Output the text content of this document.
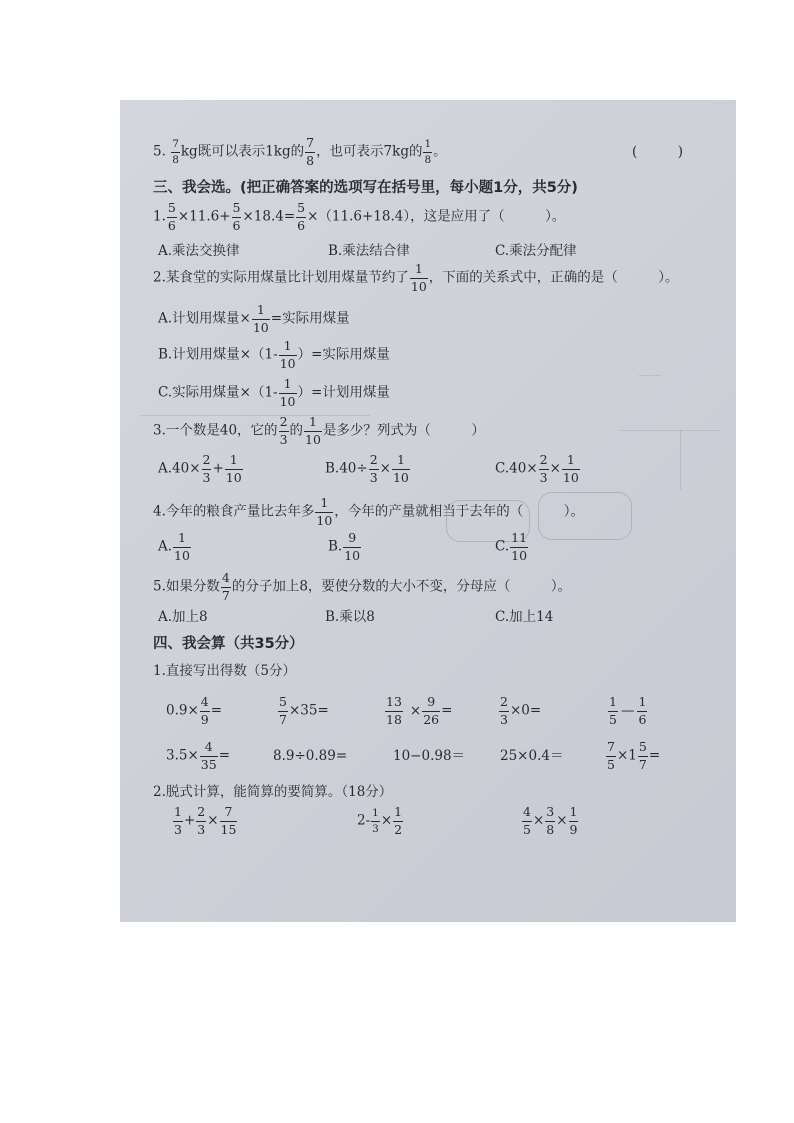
——
5. $\frac{7}{8}$ kg既可以表示1kg的 $\frac{7}{8}$ ，也可表示7kg的 $\frac{1}{8}$ 。	(　　　)
三、我会选。(把正确答案的选项写在括号里，每小题1分，共5分)
1. $\frac{5}{6} \times 11.6+ \frac{5}{6} \times 18.4= \frac{5}{6} \times(11.6+18.4)$，这是应用了（　　　）。
A.乘法交换律	B.乘法结合律	C.乘法分配律
2.某食堂的实际用煤量比计划用煤量节约了 $\frac{1}{10}$ ，下面的关系式中，正确的是（　　　）。
A.计划用煤量× $\frac{1}{10}$ =实际用煤量
B.计划用煤量$\times(1- \frac{1}{10}$ ）=实际用煤量
C.实际用煤量$\times(1- \frac{1}{10}$ ）=计划用煤量
3.一个数是40，它的 $\frac{2}{3}$ 的 $\frac{1}{10}$ 是多少？列式为（　　　）
$A.40\times \frac{2}{3} + \frac{1}{10}$	$B.40\div \frac{2}{3} \times \frac{1}{10}$	$C.40\times \frac{2}{3} \times \frac{1}{10}$
4.今年的粮食产量比去年多 $\frac{1}{10}$ ，今年的产量就相当于去年的（　　　）。
A. $\frac{1}{10}$	B. $\frac{9}{10}$	C. $\frac{11}{10}$
5.如果分数 $\frac{4}{7}$ 的分子加上8，要使分数的大小不变，分母应（　　　）。
A.加上8	B.乘以8	C.加上14
四、我会算（共35分）
1.直接写出得数（5分）
$0.9\times \frac{4}{9}$ =	$\frac{5}{7} \times 35=$	$\frac{13}{18} \times \frac{9}{26}$ =	$\frac{2}{3} \times 0=$	$\frac{1}{5}$ — $\frac{1}{6}$
$3.5\times \frac{4}{35}$ =	8.9÷0.89=	10−0.98＝	25×0.4＝	$\frac{7}{5} \times 1 \frac{5}{7}$ =
2.脱式计算，能简算的要简算。（18分）
$\frac{1}{3} + \frac{2}{3} \times \frac{7}{15}$	$2- \frac{1}{3} \times \frac{1}{2}$	$\frac{4}{5} \times \frac{3}{8} \times \frac{1}{9}$
